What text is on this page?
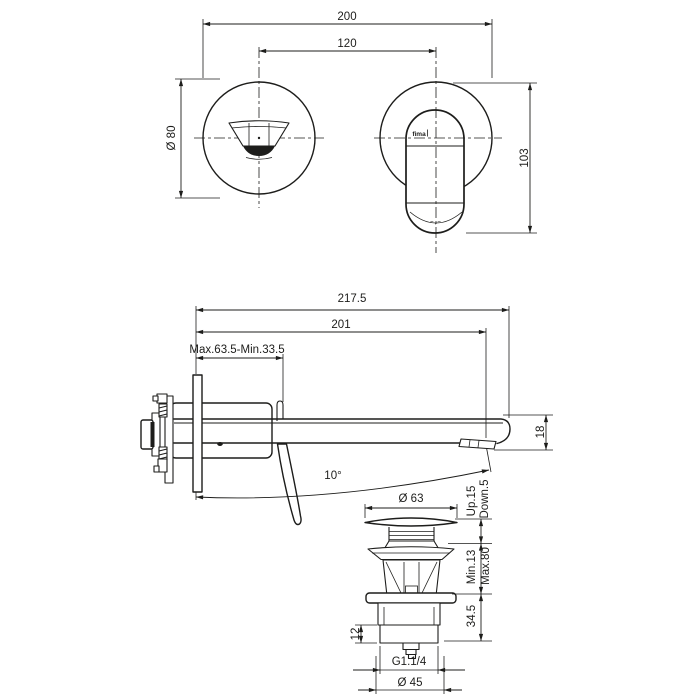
200
120
Ø 80	fima
=,=
103
217.5
201
Max.63.5-Min.33.5
18
10°
Ø 63
12
G1.1/4
Ø 45
Up.15 Down.5
Min.13 Max.80
34.5
